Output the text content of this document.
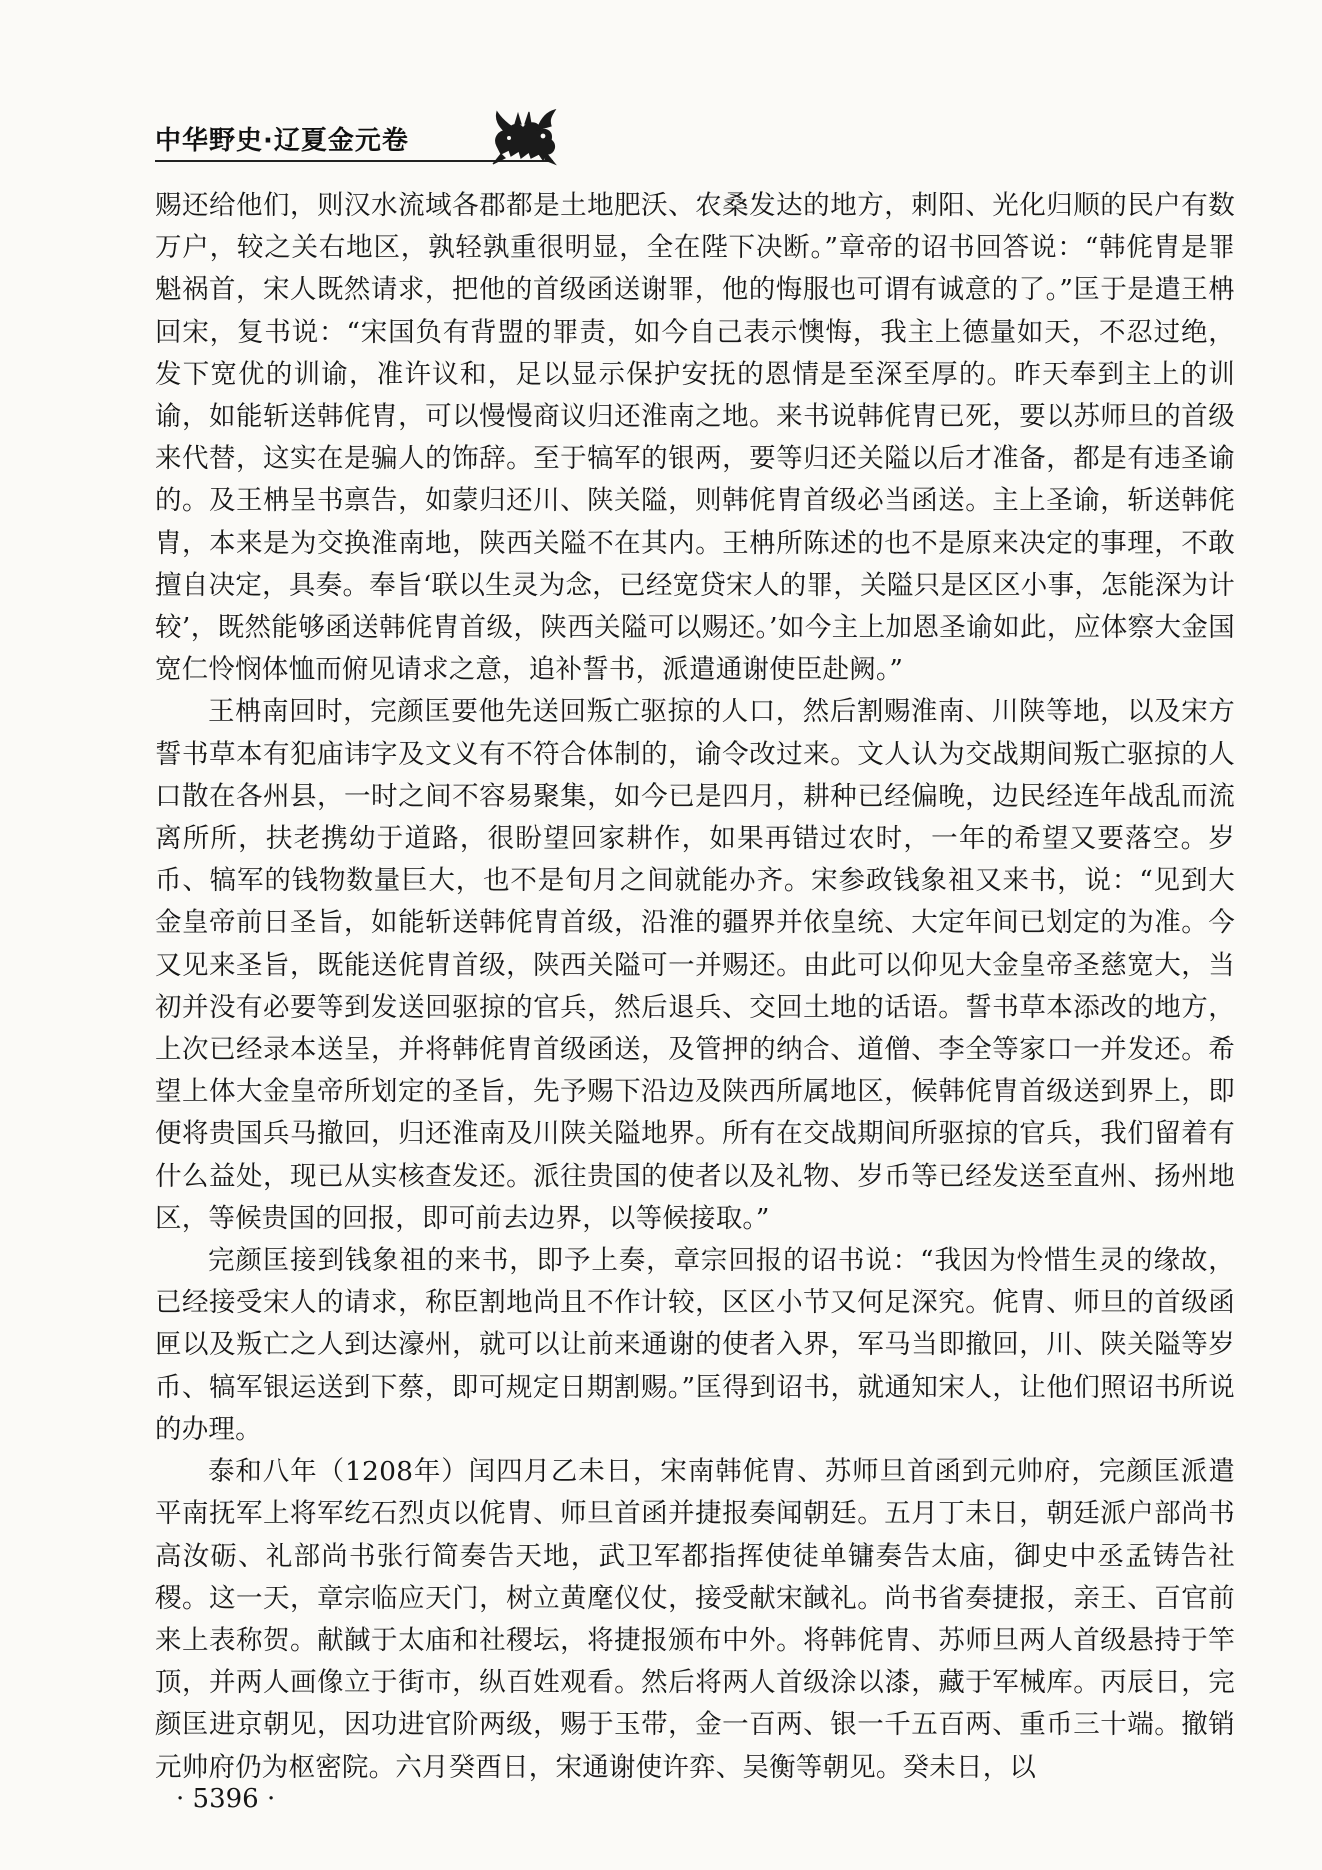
中华野史·辽夏金元卷

赐还给他们，则汉水流域各郡都是土地肥沃、农桑发达的地方，刺阳、光化归顺的民户有数万户，较之关右地区，孰轻孰重很明显，全在陛下决断。”章帝的诏书回答说：“韩侂胄是罪魁祸首，宋人既然请求，把他的首级函送谢罪，他的悔服也可谓有诚意的了。”匡于是遣王柟回宋，复书说：“宋国负有背盟的罪责，如今自己表示懊悔，我主上德量如天，不忍过绝，发下宽优的训谕，准许议和，足以显示保护安抚的恩情是至深至厚的。昨天奉到主上的训谕，如能斩送韩侂胄，可以慢慢商议归还淮南之地。来书说韩侂胄已死，要以苏师旦的首级来代替，这实在是骗人的饰辞。至于犒军的银两，要等归还关隘以后才准备，都是有违圣谕的。及王柟呈书禀告，如蒙归还川、陕关隘，则韩侂胄首级必当函送。主上圣谕，斩送韩侂胄，本来是为交换淮南地，陕西关隘不在其内。王柟所陈述的也不是原来决定的事理，不敢擅自决定，具奏。奉旨‘联以生灵为念，已经宽贷宋人的罪，关隘只是区区小事，怎能深为计较’，既然能够函送韩侂胄首级，陕西关隘可以赐还。’如今主上加恩圣谕如此，应体察大金国宽仁怜悯体恤而俯见请求之意，追补誓书，派遣通谢使臣赴阙。”

王柟南回时，完颜匡要他先送回叛亡驱掠的人口，然后割赐淮南、川陕等地，以及宋方誓书草本有犯庙讳字及文义有不符合体制的，谕令改过来。文人认为交战期间叛亡驱掠的人口散在各州县，一时之间不容易聚集，如今已是四月，耕种已经偏晚，边民经连年战乱而流离所所，扶老携幼于道路，很盼望回家耕作，如果再错过农时，一年的希望又要落空。岁币、犒军的钱物数量巨大，也不是旬月之间就能办齐。宋参政钱象祖又来书，说：“见到大金皇帝前日圣旨，如能斩送韩侂胄首级，沿淮的疆界并依皇统、大定年间已划定的为准。今又见来圣旨，既能送侂胄首级，陕西关隘可一并赐还。由此可以仰见大金皇帝圣慈宽大，当初并没有必要等到发送回驱掠的官兵，然后退兵、交回土地的话语。誓书草本添改的地方，上次已经录本送呈，并将韩侂胄首级函送，及管押的纳合、道僧、李全等家口一并发还。希望上体大金皇帝所划定的圣旨，先予赐下沿边及陕西所属地区，候韩侂胄首级送到界上，即便将贵国兵马撤回，归还淮南及川陕关隘地界。所有在交战期间所驱掠的官兵，我们留着有什么益处，现已从实核查发还。派往贵国的使者以及礼物、岁币等已经发送至直州、扬州地区，等候贵国的回报，即可前去边界，以等候接取。”

完颜匡接到钱象祖的来书，即予上奏，章宗回报的诏书说：“我因为怜惜生灵的缘故，已经接受宋人的请求，称臣割地尚且不作计较，区区小节又何足深究。侂胄、师旦的首级函匣以及叛亡之人到达濠州，就可以让前来通谢的使者入界，军马当即撤回，川、陕关隘等岁币、犒军银运送到下蔡，即可规定日期割赐。”匡得到诏书，就通知宋人，让他们照诏书所说的办理。

泰和八年（1208年）闰四月乙未日，宋南韩侂胄、苏师旦首函到元帅府，完颜匡派遣平南抚军上将军纥石烈贞以侂胄、师旦首函并捷报奏闻朝廷。五月丁未日，朝廷派户部尚书高汝砺、礼部尚书张行简奏告天地，武卫军都指挥使徒单镛奏告太庙，御史中丞孟铸告社稷。这一天，章宗临应天门，树立黄麾仪仗，接受献宋馘礼。尚书省奏捷报，亲王、百官前来上表称贺。献馘于太庙和社稷坛，将捷报颁布中外。将韩侂胄、苏师旦两人首级悬持于竿顶，并两人画像立于街市，纵百姓观看。然后将两人首级涂以漆，藏于军械库。丙辰日，完颜匡进京朝见，因功进官阶两级，赐于玉带，金一百两、银一千五百两、重币三十端。撤销元帅府仍为枢密院。六月癸酉日，宋通谢使许弈、吴衡等朝见。癸未日，以

· 5396 ·
